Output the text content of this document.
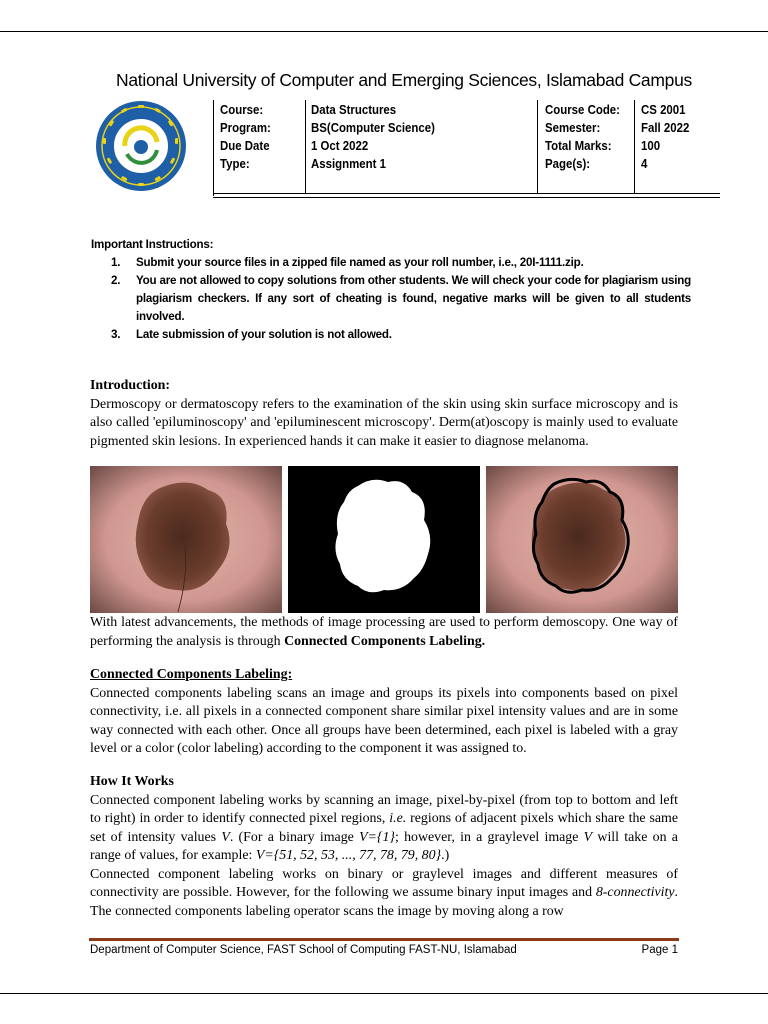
National University of Computer and Emerging Sciences, Islamabad Campus
Course:
Program:
Due Date
Type:
Data Structures
BS(Computer Science)
1 Oct 2022
Assignment 1
Course Code:
Semester:
Total Marks:
Page(s):
CS 2001
Fall 2022
100
4
Important Instructions:
1. Submit your source files in a zipped file named as your roll number, i.e., 20I-1111.zip.
2. You are not allowed to copy solutions from other students. We will check your code for plagiarism using plagiarism checkers. If any sort of cheating is found, negative marks will be given to all students involved.
3. Late submission of your solution is not allowed.
Introduction:
Dermoscopy or dermatoscopy refers to the examination of the skin using skin surface microscopy and is also called 'epiluminoscopy' and 'epiluminescent microscopy'. Derm(at)oscopy is mainly used to evaluate pigmented skin lesions. In experienced hands it can make it easier to diagnose melanoma.
With latest advancements, the methods of image processing are used to perform demoscopy. One way of performing the analysis is through Connected Components Labeling.
Connected Components Labeling:
Connected components labeling scans an image and groups its pixels into components based on pixel connectivity, i.e. all pixels in a connected component share similar pixel intensity values and are in some way connected with each other. Once all groups have been determined, each pixel is labeled with a gray level or a color (color labeling) according to the component it was assigned to.
How It Works
Connected component labeling works by scanning an image, pixel-by-pixel (from top to bottom and left to right) in order to identify connected pixel regions, i.e. regions of adjacent pixels which share the same set of intensity values V. (For a binary image V={1}; however, in a graylevel image V will take on a range of values, for example: V={51, 52, 53, ..., 77, 78, 79, 80}.)
Connected component labeling works on binary or graylevel images and different measures of connectivity are possible. However, for the following we assume binary input images and 8-connectivity. The connected components labeling operator scans the image by moving along a row
Department of Computer Science, FAST School of Computing FAST-NU, Islamabad	Page 1
